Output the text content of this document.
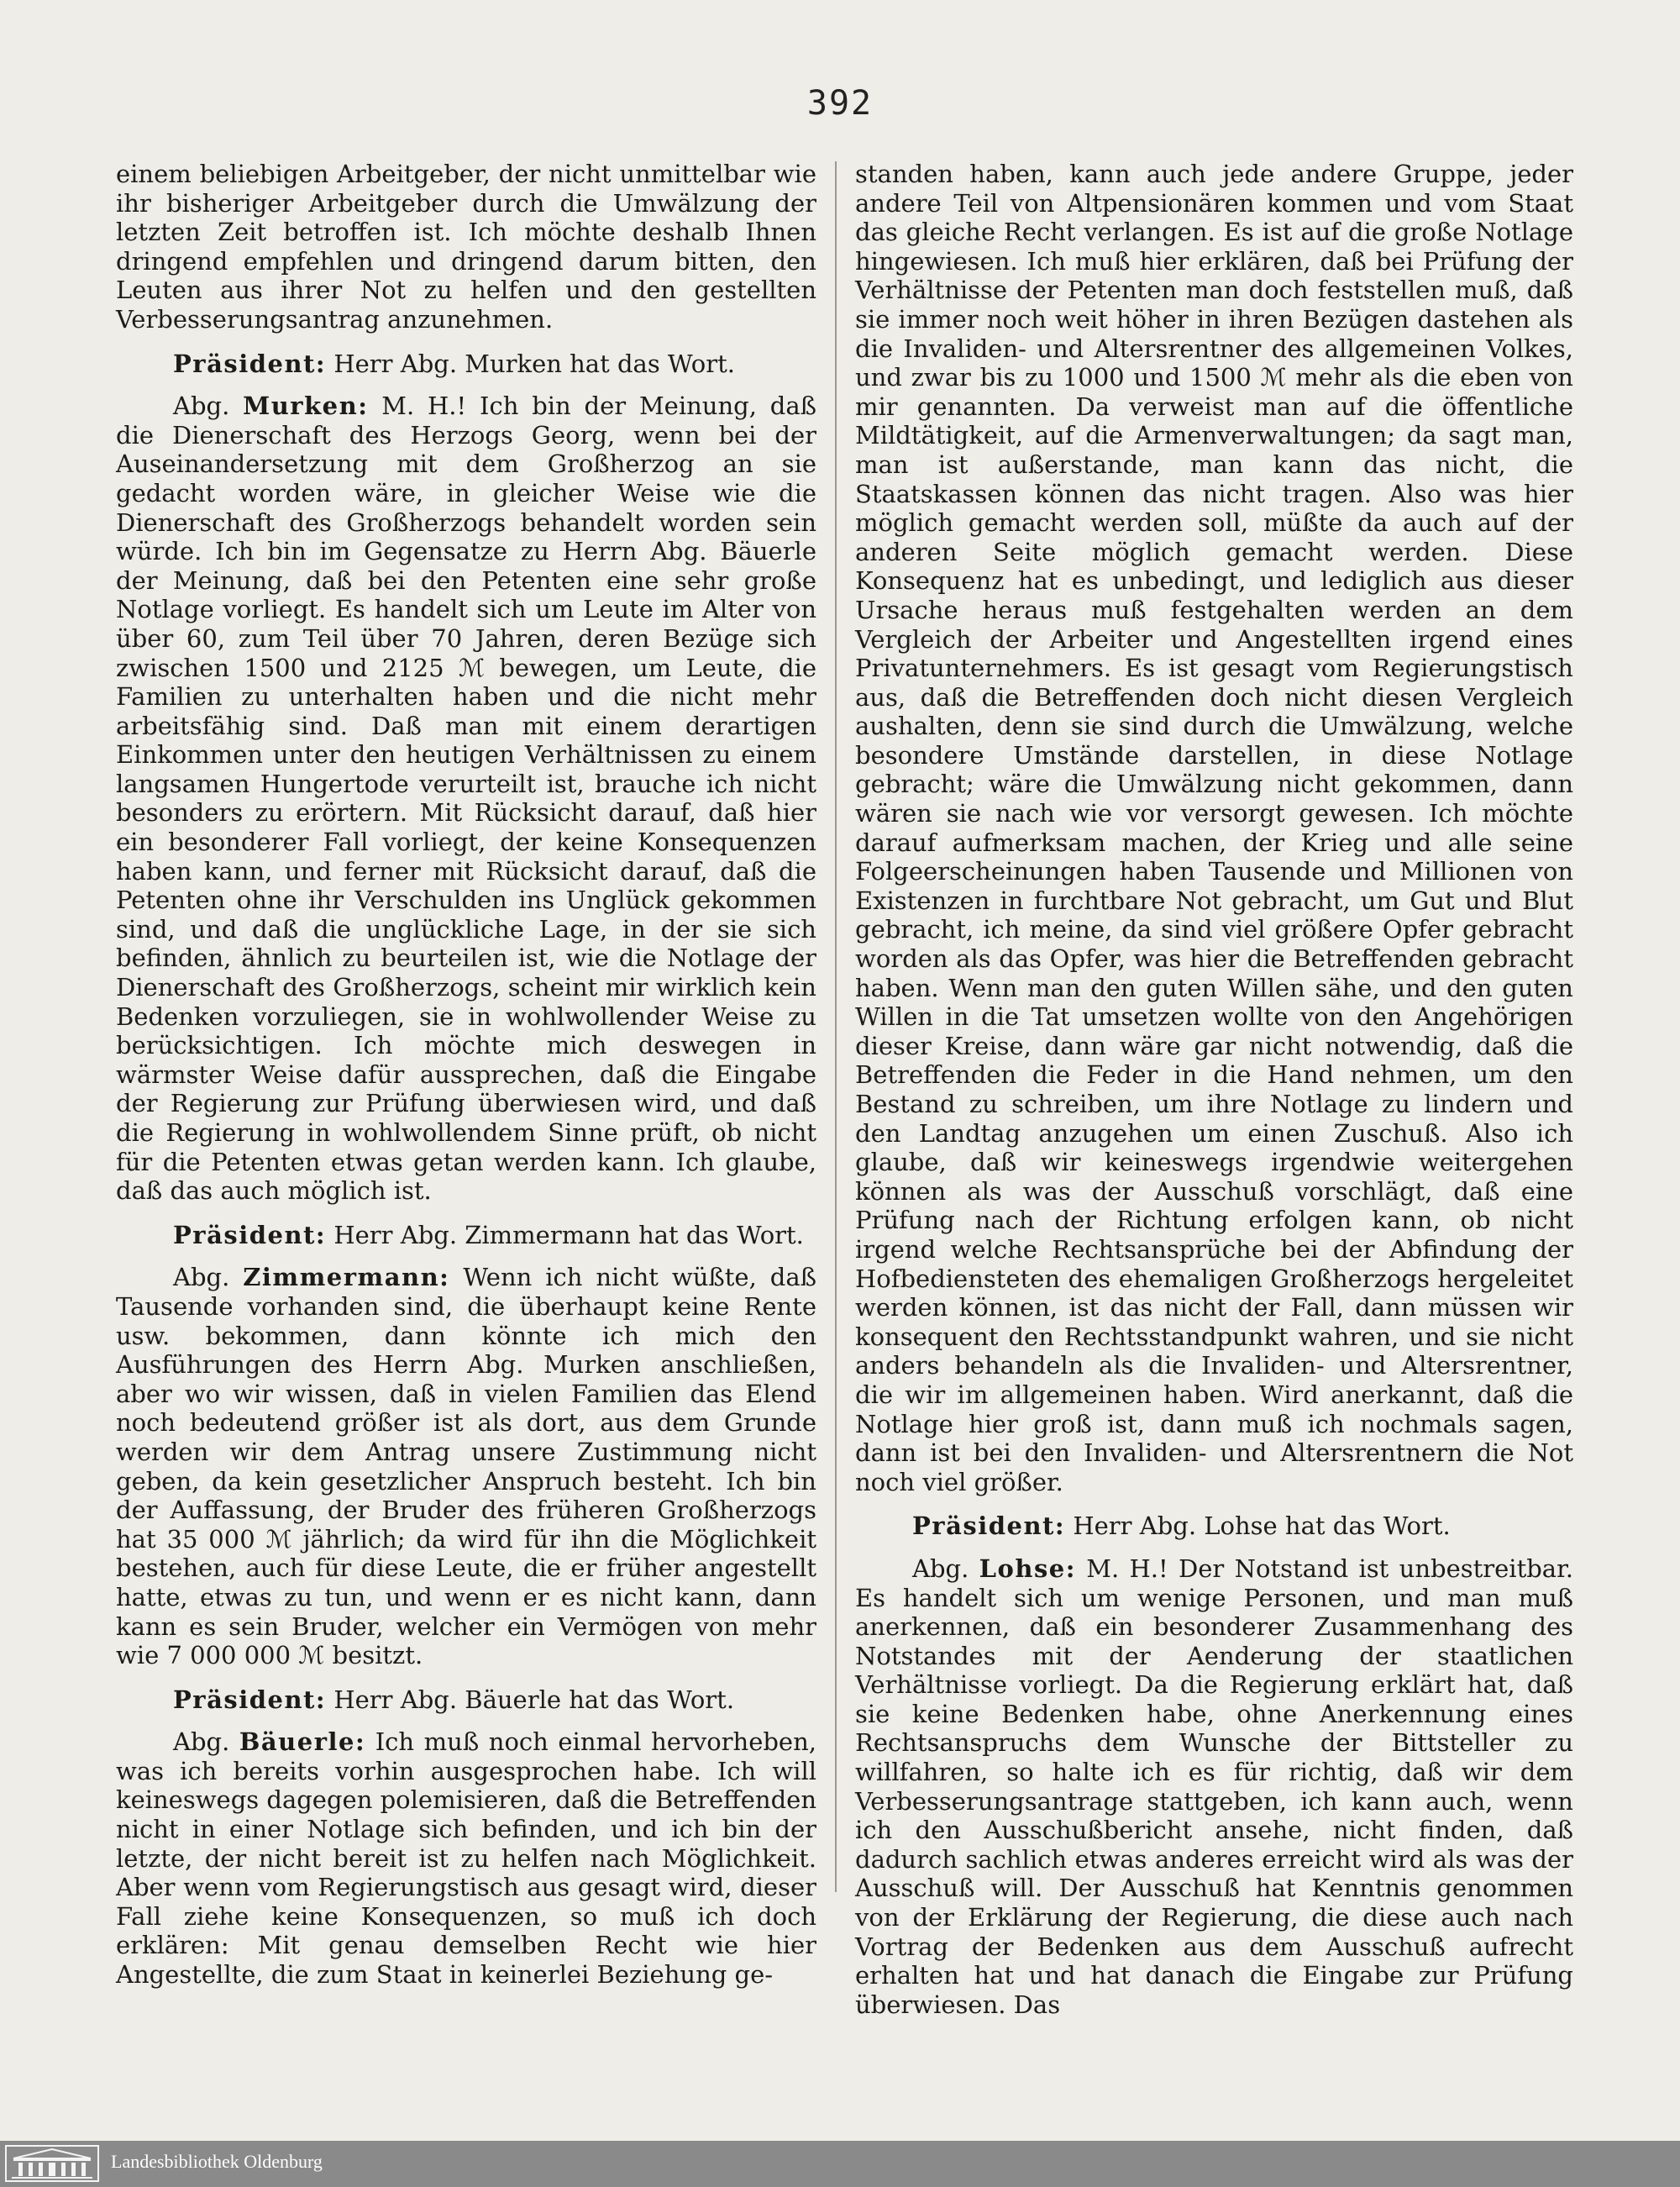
392

einem beliebigen Arbeitgeber, der nicht unmittelbar wie ihr bisheriger Arbeitgeber durch die Umwälzung der letzten Zeit betroffen ist. Ich möchte deshalb Ihnen dringend empfehlen und dringend darum bitten, den Leuten aus ihrer Not zu helfen und den gestellten Verbesserungsantrag anzunehmen.

Präsident: Herr Abg. Murken hat das Wort.

Abg. Murken: M. H.! Ich bin der Meinung, daß die Dienerschaft des Herzogs Georg, wenn bei der Auseinandersetzung mit dem Großherzog an sie gedacht worden wäre, in gleicher Weise wie die Dienerschaft des Großherzogs behandelt worden sein würde. Ich bin im Gegensatze zu Herrn Abg. Bäuerle der Meinung, daß bei den Petenten eine sehr große Notlage vorliegt. Es handelt sich um Leute im Alter von über 60, zum Teil über 70 Jahren, deren Bezüge sich zwischen 1500 und 2125 ℳ bewegen, um Leute, die Familien zu unterhalten haben und die nicht mehr arbeitsfähig sind. Daß man mit einem derartigen Einkommen unter den heutigen Verhältnissen zu einem langsamen Hungertode verurteilt ist, brauche ich nicht besonders zu erörtern. Mit Rücksicht darauf, daß hier ein besonderer Fall vorliegt, der keine Konsequenzen haben kann, und ferner mit Rücksicht darauf, daß die Petenten ohne ihr Verschulden ins Unglück gekommen sind, und daß die unglückliche Lage, in der sie sich befinden, ähnlich zu beurteilen ist, wie die Notlage der Dienerschaft des Großherzogs, scheint mir wirklich kein Bedenken vorzuliegen, sie in wohlwollender Weise zu berücksichtigen. Ich möchte mich deswegen in wärmster Weise dafür aussprechen, daß die Eingabe der Regierung zur Prüfung überwiesen wird, und daß die Regierung in wohlwollendem Sinne prüft, ob nicht für die Petenten etwas getan werden kann. Ich glaube, daß das auch möglich ist.

Präsident: Herr Abg. Zimmermann hat das Wort.

Abg. Zimmermann: Wenn ich nicht wüßte, daß Tausende vorhanden sind, die überhaupt keine Rente usw. bekommen, dann könnte ich mich den Ausführungen des Herrn Abg. Murken anschließen, aber wo wir wissen, daß in vielen Familien das Elend noch bedeutend größer ist als dort, aus dem Grunde werden wir dem Antrag unsere Zustimmung nicht geben, da kein gesetzlicher Anspruch besteht. Ich bin der Auffassung, der Bruder des früheren Großherzogs hat 35 000 ℳ jährlich; da wird für ihn die Möglichkeit bestehen, auch für diese Leute, die er früher angestellt hatte, etwas zu tun, und wenn er es nicht kann, dann kann es sein Bruder, welcher ein Vermögen von mehr wie 7 000 000 ℳ besitzt.

Präsident: Herr Abg. Bäuerle hat das Wort.

Abg. Bäuerle: Ich muß noch einmal hervorheben, was ich bereits vorhin ausgesprochen habe. Ich will keineswegs dagegen polemisieren, daß die Betreffenden nicht in einer Notlage sich befinden, und ich bin der letzte, der nicht bereit ist zu helfen nach Möglichkeit. Aber wenn vom Regierungstisch aus gesagt wird, dieser Fall ziehe keine Konsequenzen, so muß ich doch erklären: Mit genau demselben Recht wie hier Angestellte, die zum Staat in keinerlei Beziehung ge-

standen haben, kann auch jede andere Gruppe, jeder andere Teil von Altpensionären kommen und vom Staat das gleiche Recht verlangen. Es ist auf die große Notlage hingewiesen. Ich muß hier erklären, daß bei Prüfung der Verhältnisse der Petenten man doch feststellen muß, daß sie immer noch weit höher in ihren Bezügen dastehen als die Invaliden- und Altersrentner des allgemeinen Volkes, und zwar bis zu 1000 und 1500 ℳ mehr als die eben von mir genannten. Da verweist man auf die öffentliche Mildtätigkeit, auf die Armenverwaltungen; da sagt man, man ist außerstande, man kann das nicht, die Staatskassen können das nicht tragen. Also was hier möglich gemacht werden soll, müßte da auch auf der anderen Seite möglich gemacht werden. Diese Konsequenz hat es unbedingt, und lediglich aus dieser Ursache heraus muß festgehalten werden an dem Vergleich der Arbeiter und Angestellten irgend eines Privatunternehmers. Es ist gesagt vom Regierungstisch aus, daß die Betreffenden doch nicht diesen Vergleich aushalten, denn sie sind durch die Umwälzung, welche besondere Umstände darstellen, in diese Notlage gebracht; wäre die Umwälzung nicht gekommen, dann wären sie nach wie vor versorgt gewesen. Ich möchte darauf aufmerksam machen, der Krieg und alle seine Folgeerscheinungen haben Tausende und Millionen von Existenzen in furchtbare Not gebracht, um Gut und Blut gebracht, ich meine, da sind viel größere Opfer gebracht worden als das Opfer, was hier die Betreffenden gebracht haben. Wenn man den guten Willen sähe, und den guten Willen in die Tat umsetzen wollte von den Angehörigen dieser Kreise, dann wäre gar nicht notwendig, daß die Betreffenden die Feder in die Hand nehmen, um den Bestand zu schreiben, um ihre Notlage zu lindern und den Landtag anzugehen um einen Zuschuß. Also ich glaube, daß wir keineswegs irgendwie weitergehen können als was der Ausschuß vorschlägt, daß eine Prüfung nach der Richtung erfolgen kann, ob nicht irgend welche Rechtsansprüche bei der Abfindung der Hofbediensteten des ehemaligen Großherzogs hergeleitet werden können, ist das nicht der Fall, dann müssen wir konsequent den Rechtsstandpunkt wahren, und sie nicht anders behandeln als die Invaliden- und Altersrentner, die wir im allgemeinen haben. Wird anerkannt, daß die Notlage hier groß ist, dann muß ich nochmals sagen, dann ist bei den Invaliden- und Altersrentnern die Not noch viel größer.

Präsident: Herr Abg. Lohse hat das Wort.

Abg. Lohse: M. H.! Der Notstand ist unbestreitbar. Es handelt sich um wenige Personen, und man muß anerkennen, daß ein besonderer Zusammenhang des Notstandes mit der Aenderung der staatlichen Verhältnisse vorliegt. Da die Regierung erklärt hat, daß sie keine Bedenken habe, ohne Anerkennung eines Rechtsanspruchs dem Wunsche der Bittsteller zu willfahren, so halte ich es für richtig, daß wir dem Verbesserungsantrage stattgeben, ich kann auch, wenn ich den Ausschußbericht ansehe, nicht finden, daß dadurch sachlich etwas anderes erreicht wird als was der Ausschuß will. Der Ausschuß hat Kenntnis genommen von der Erklärung der Regierung, die diese auch nach Vortrag der Bedenken aus dem Ausschuß aufrecht erhalten hat und hat danach die Eingabe zur Prüfung überwiesen. Das

Landesbibliothek Oldenburg
